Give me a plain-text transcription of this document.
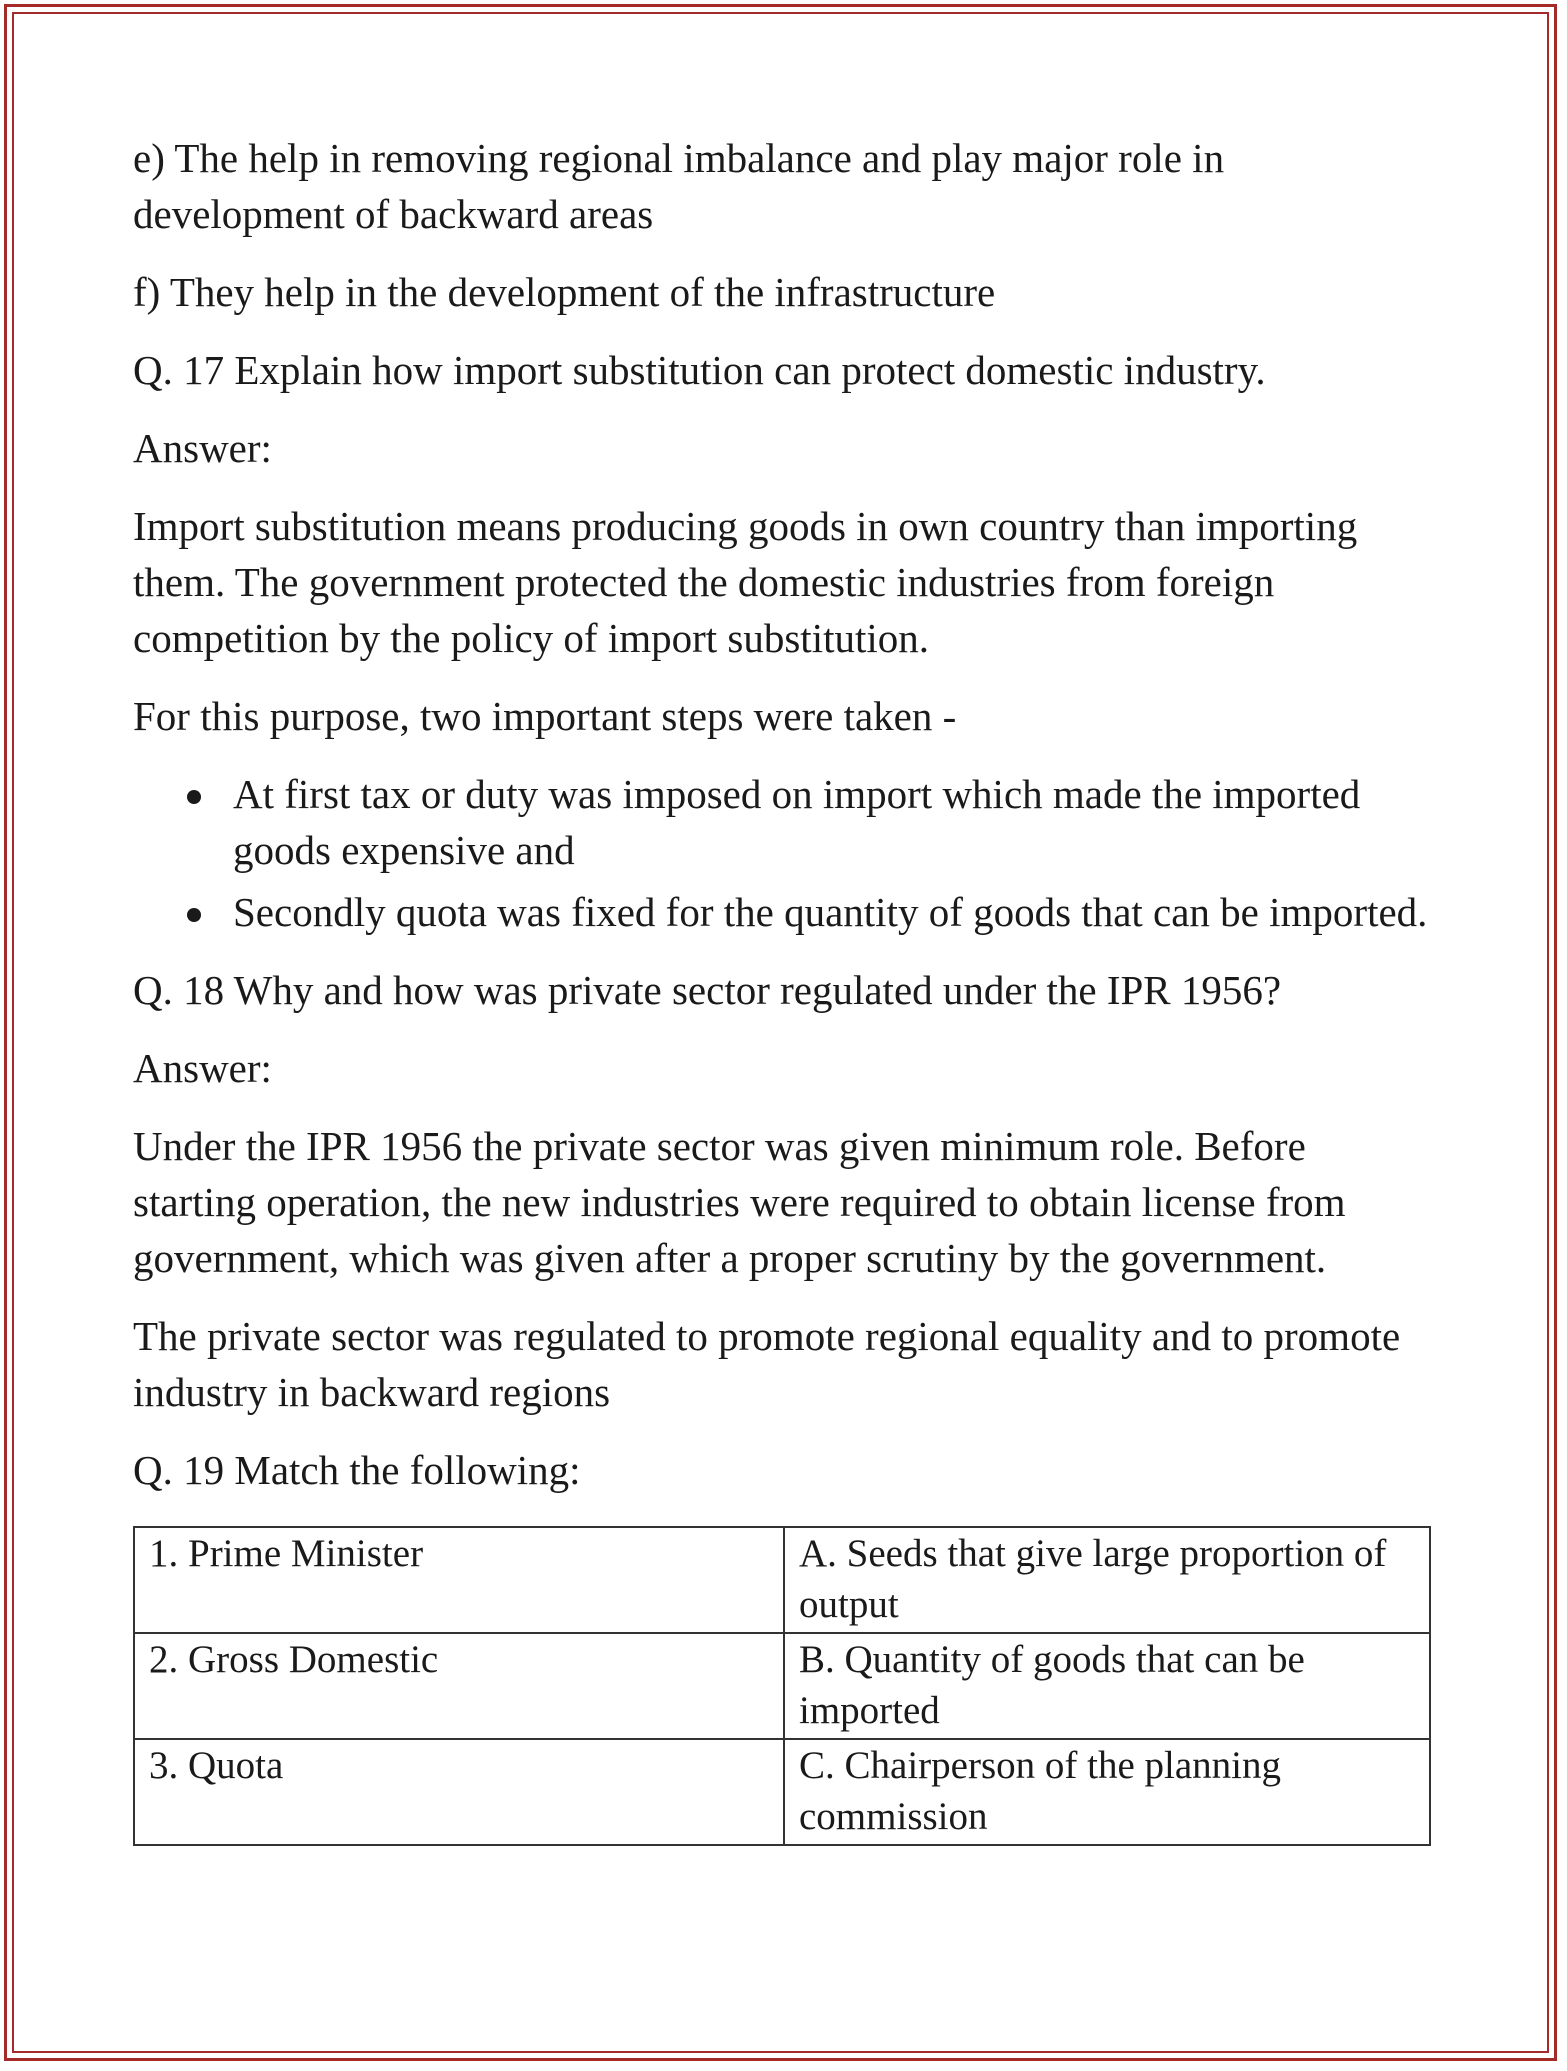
e) The help in removing regional imbalance and play major role in development of backward areas

f) They help in the development of the infrastructure

Q. 17 Explain how import substitution can protect domestic industry.

Answer:

Import substitution means producing goods in own country than importing them. The government protected the domestic industries from foreign competition by the policy of import substitution.

For this purpose, two important steps were taken -

At first tax or duty was imposed on import which made the imported goods expensive and
Secondly quota was fixed for the quantity of goods that can be imported.

Q. 18 Why and how was private sector regulated under the IPR 1956?

Answer:

Under the IPR 1956 the private sector was given minimum role. Before starting operation, the new industries were required to obtain license from government, which was given after a proper scrutiny by the government.

The private sector was regulated to promote regional equality and to promote industry in backward regions

Q. 19 Match the following:

1. Prime Minister	A. Seeds that give large proportion of output
2. Gross Domestic	B. Quantity of goods that can be imported
3. Quota	C. Chairperson of the planning commission
